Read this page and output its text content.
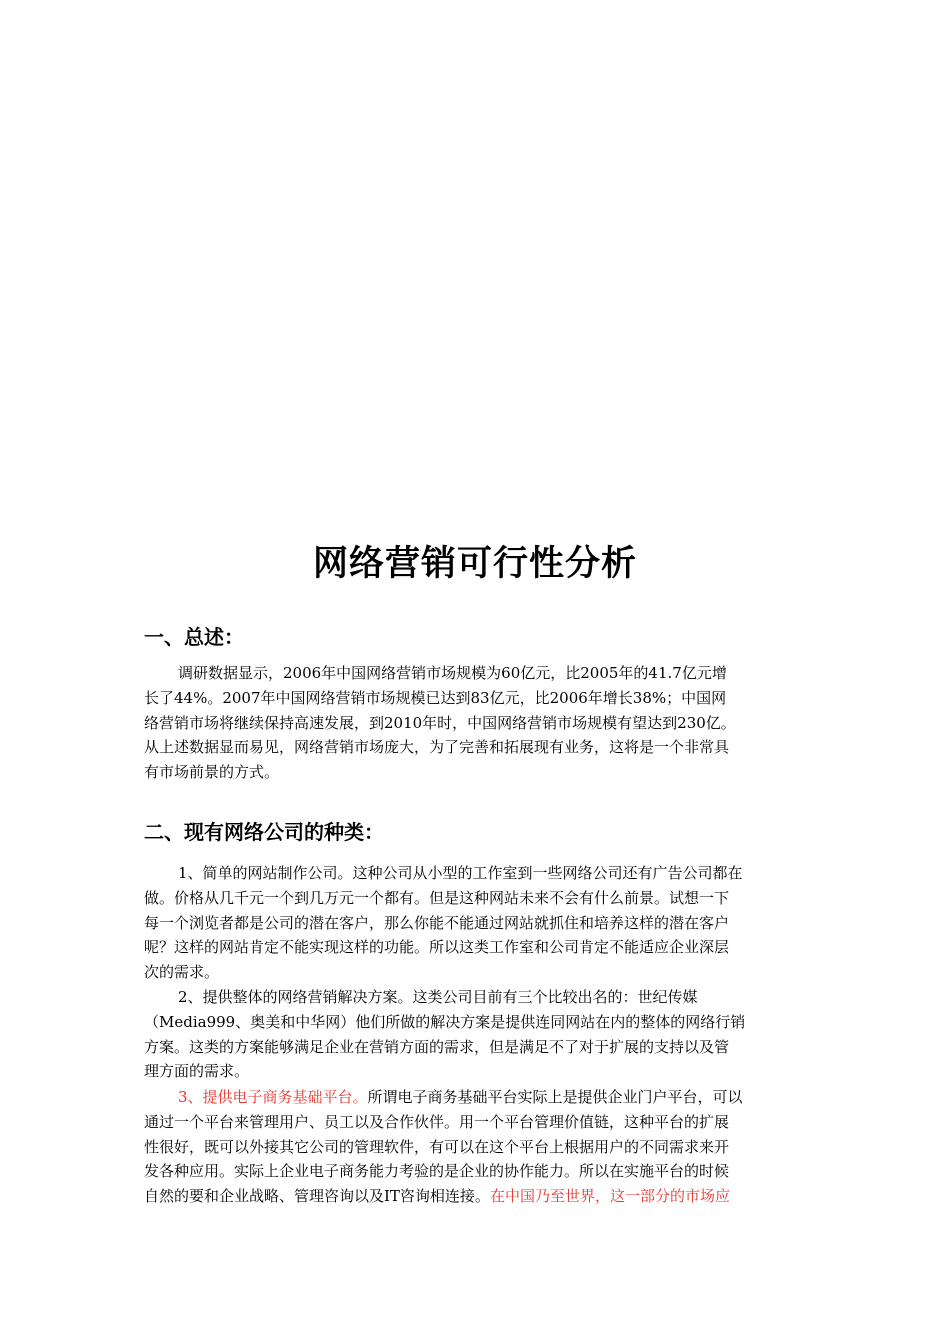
网络营销可行性分析
一、总述：
调研数据显示，2006年中国网络营销市场规模为60亿元，比2005年的41.7亿元增
长了44%。2007年中国网络营销市场规模已达到83亿元，比2006年增长38%；中国网
络营销市场将继续保持高速发展，到2010年时，中国网络营销市场规模有望达到230亿。
从上述数据显而易见，网络营销市场庞大，为了完善和拓展现有业务，这将是一个非常具
有市场前景的方式。
二、现有网络公司的种类：
1、简单的网站制作公司。这种公司从小型的工作室到一些网络公司还有广告公司都在
做。价格从几千元一个到几万元一个都有。但是这种网站未来不会有什么前景。试想一下
每一个浏览者都是公司的潜在客户，那么你能不能通过网站就抓住和培养这样的潜在客户
呢？这样的网站肯定不能实现这样的功能。所以这类工作室和公司肯定不能适应企业深层
次的需求。
2、提供整体的网络营销解决方案。这类公司目前有三个比较出名的：世纪传媒
（Media999、奥美和中华网）他们所做的解决方案是提供连同网站在内的整体的网络行销
方案。这类的方案能够满足企业在营销方面的需求，但是满足不了对于扩展的支持以及管
理方面的需求。
3、提供电子商务基础平台。所谓电子商务基础平台实际上是提供企业门户平台，可以
通过一个平台来管理用户、员工以及合作伙伴。用一个平台管理价值链，这种平台的扩展
性很好，既可以外接其它公司的管理软件，有可以在这个平台上根据用户的不同需求来开
发各种应用。实际上企业电子商务能力考验的是企业的协作能力。所以在实施平台的时候
自然的要和企业战略、管理咨询以及IT咨询相连接。在中国乃至世界，这一部分的市场应
